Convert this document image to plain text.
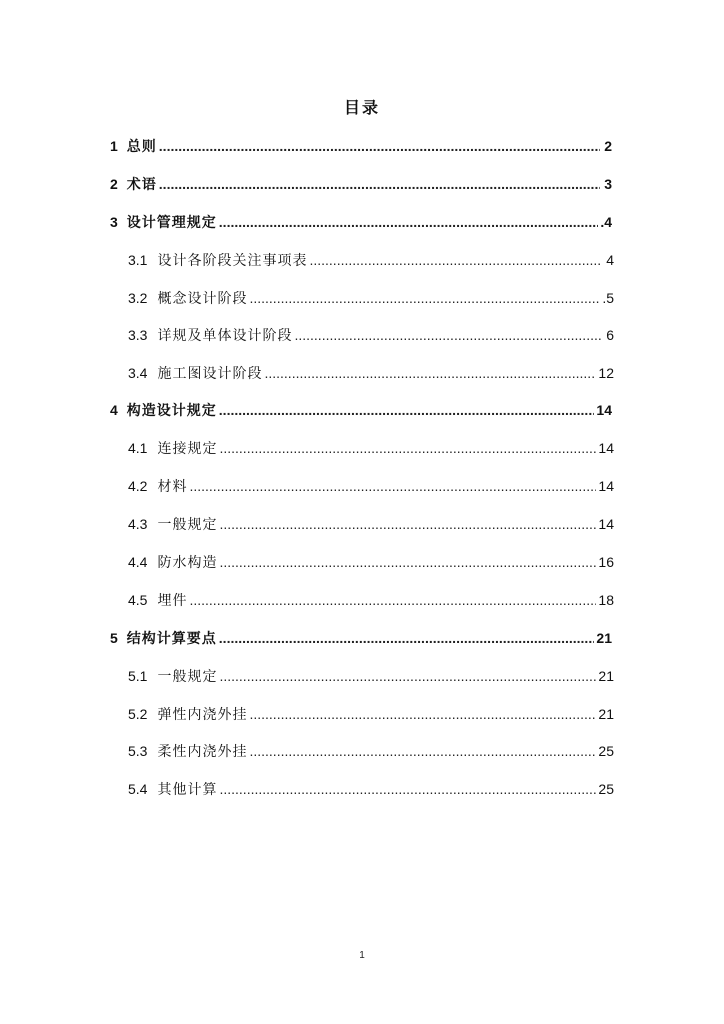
目录
1 总则 .....	2
2 术语 .....	3
3 设计管理规定 .....	.4
3.1 设计各阶段关注事项表 .....	4
3.2 概念设计阶段 .....	.5
3.3 详规及单体设计阶段 .....	6
3.4 施工图设计阶段 .....	12
4 构造设计规定 .....	14
4.1 连接规定 .....	14
4.2 材料 .....	14
4.3 一般规定 .....	14
4.4 防水构造 .....	16
4.5 埋件 .....	18
5 结构计算要点 .....	21
5.1 一般规定 .....	21
5.2 弹性内浇外挂 .....	21
5.3 柔性内浇外挂 .....	25
5.4 其他计算 .....	25
1
